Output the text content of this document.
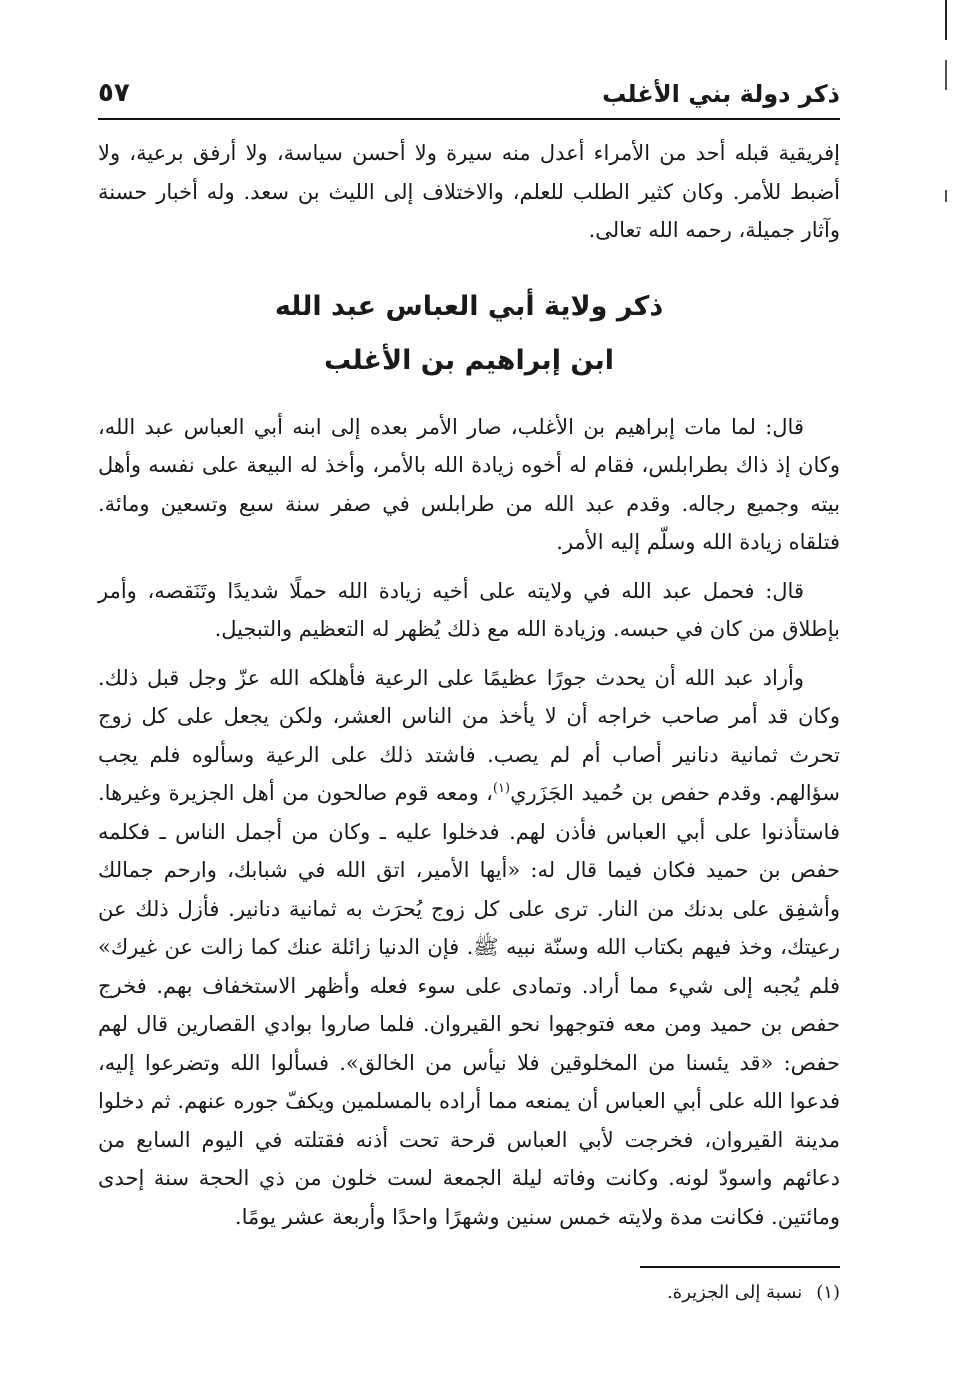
ذكر دولة بني الأغلب
٥٧

إفريقية قبله أحد من الأمراء أعدل منه سيرة ولا أحسن سياسة، ولا أرفق برعية، ولا أضبط للأمر. وكان كثير الطلب للعلم، والاختلاف إلى الليث بن سعد. وله أخبار حسنة وآثار جميلة، رحمه الله تعالى.

ذكر ولاية أبي العباس عبد الله
ابن إبراهيم بن الأغلب

قال: لما مات إبراهيم بن الأغلب، صار الأمر بعده إلى ابنه أبي العباس عبد الله، وكان إذ ذاك بطرابلس، فقام له أخوه زيادة الله بالأمر، وأخذ له البيعة على نفسه وأهل بيته وجميع رجاله. وقدم عبد الله من طرابلس في صفر سنة سبع وتسعين ومائة. فتلقاه زيادة الله وسلّم إليه الأمر.

قال: فحمل عبد الله في ولايته على أخيه زيادة الله حملًا شديدًا وتَنَقصه، وأمر بإطلاق من كان في حبسه. وزيادة الله مع ذلك يُظهر له التعظيم والتبجيل.

وأراد عبد الله أن يحدث جورًا عظيمًا على الرعية فأهلكه الله عزّ وجل قبل ذلك. وكان قد أمر صاحب خراجه أن لا يأخذ من الناس العشر، ولكن يجعل على كل زوج تحرث ثمانية دنانير أصاب أم لم يصب. فاشتد ذلك على الرعية وسألوه فلم يجب سؤالهم. وقدم حفص بن حُميد الجَزَري$^{(١)}$، ومعه قوم صالحون من أهل الجزيرة وغيرها. فاستأذنوا على أبي العباس فأذن لهم. فدخلوا عليه ـ وكان من أجمل الناس ـ فكلمه حفص بن حميد فكان فيما قال له: «أيها الأمير، اتق الله في شبابك، وارحم جمالك وأشفِق على بدنك من النار. ترى على كل زوج يُحرَث به ثمانية دنانير. فأزل ذلك عن رعيتك، وخذ فيهم بكتاب الله وسنّة نبيه ﷺ. فإن الدنيا زائلة عنك كما زالت عن غيرك» فلم يُجبه إلى شيء مما أراد. وتمادى على سوء فعله وأظهر الاستخفاف بهم. فخرج حفص بن حميد ومن معه فتوجهوا نحو القيروان. فلما صاروا بوادي القصارين قال لهم حفص: «قد يئسنا من المخلوقين فلا نيأس من الخالق». فسألوا الله وتضرعوا إليه، فدعوا الله على أبي العباس أن يمنعه مما أراده بالمسلمين ويكفّ جوره عنهم. ثم دخلوا مدينة القيروان، فخرجت لأبي العباس قرحة تحت أذنه فقتلته في اليوم السابع من دعائهم واسودّ لونه. وكانت وفاته ليلة الجمعة لست خلون من ذي الحجة سنة إحدى ومائتين. فكانت مدة ولايته خمس سنين وشهرًا واحدًا وأربعة عشر يومًا.

(١)نسبة إلى الجزيرة.
